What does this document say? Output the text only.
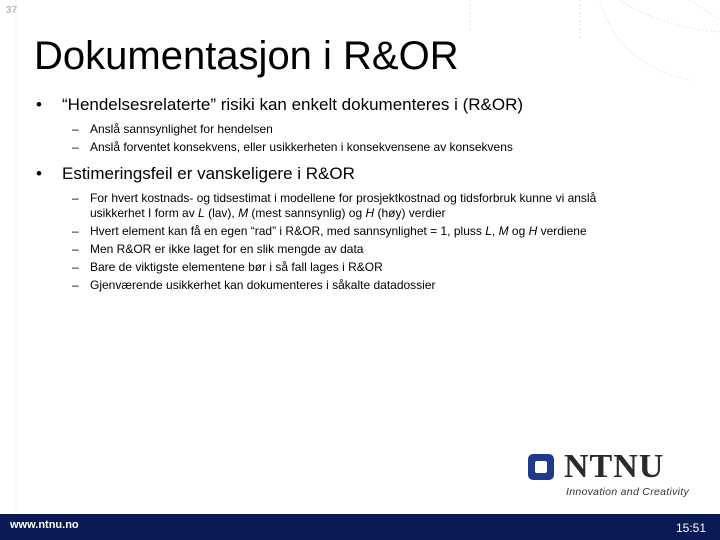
37
Dokumentasjon i R&OR
•	“Hendelsesrelaterte” risiki kan enkelt dokumenteres i (R&OR)
– Anslå sannsynlighet for hendelsen
– Anslå forventet konsekvens, eller usikkerheten i konsekvensene av konsekvens
•	Estimeringsfeil er vanskeligere i R&OR
– For hvert kostnads- og tidsestimat i modellene for prosjektkostnad og tidsforbruk kunne vi anslå usikkerhet I form av L (lav), M (mest sannsynlig) og H (høy) verdier
– Hvert element kan få en egen “rad” i R&OR, med sannsynlighet = 1, pluss L, M og H verdiene
– Men R&OR er ikke laget for en slik mengde av data
– Bare de viktigste elementene bør i så fall lages i R&OR
– Gjenværende usikkerhet kan dokumenteres i såkalte datadossier
NTNU
Innovation and Creativity
www.ntnu.no	15:51
